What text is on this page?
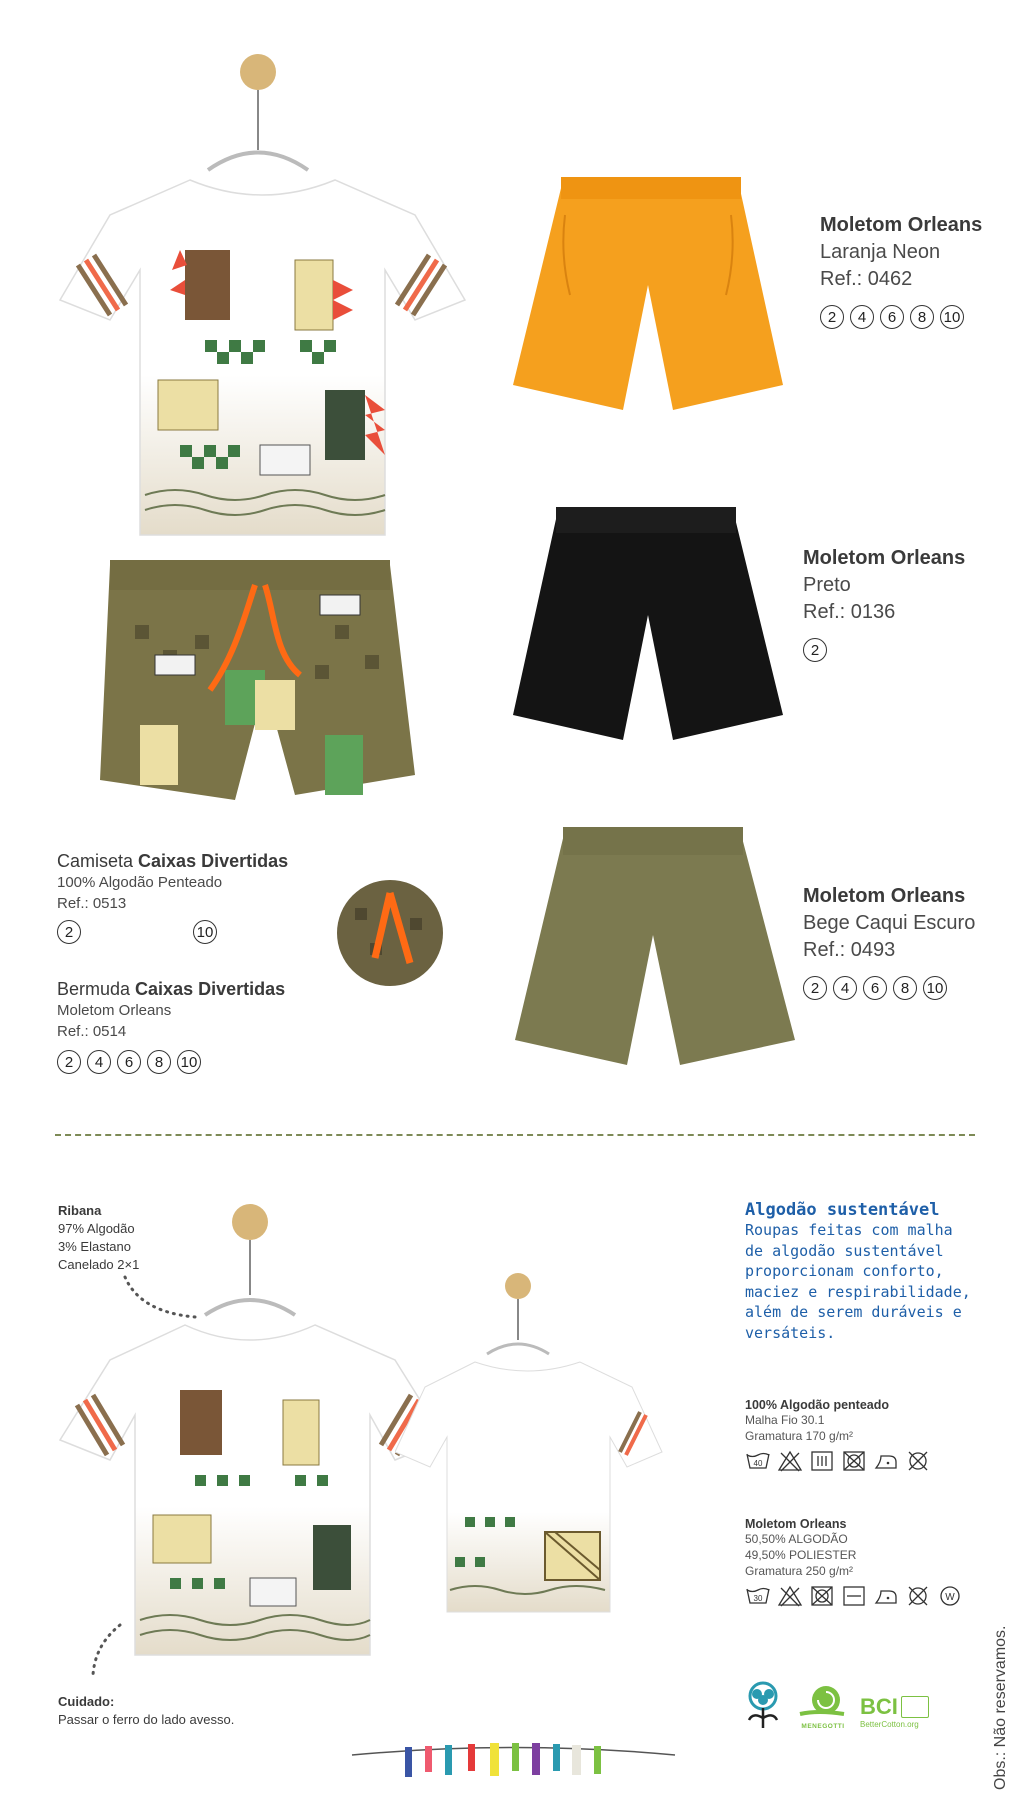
Moletom Orleans
Laranja Neon
Ref.: 0462
2	4	6	8	10
Moletom Orleans
Preto
Ref.: 0136
2
Moletom Orleans
Bege Caqui Escuro
Ref.: 0493
2	4	6	8	10
Camiseta Caixas Divertidas
100% Algodão Penteado
Ref.: 0513
2	10
Bermuda Caixas Divertidas
Moletom Orleans
Ref.: 0514
2	4	6	8	10
Ribana
97% Algodão
3% Elastano
Canelado 2×1
Cuidado:
Passar o ferro do lado avesso.
Algodão sustentável
Roupas feitas com malha
de algodão sustentável
proporcionam conforto,
maciez e respirabilidade,
além de serem duráveis e
versáteis.
100% Algodão penteado
Malha Fio 30.1
Gramatura 170 g/m²
40
Moletom Orleans
50,50% ALGODÃO
49,50% POLIESTER
Gramatura 250 g/m²
30	W
MENEGOTTI
BCI
BetterCotton.org	Obs.: Não reservamos.
